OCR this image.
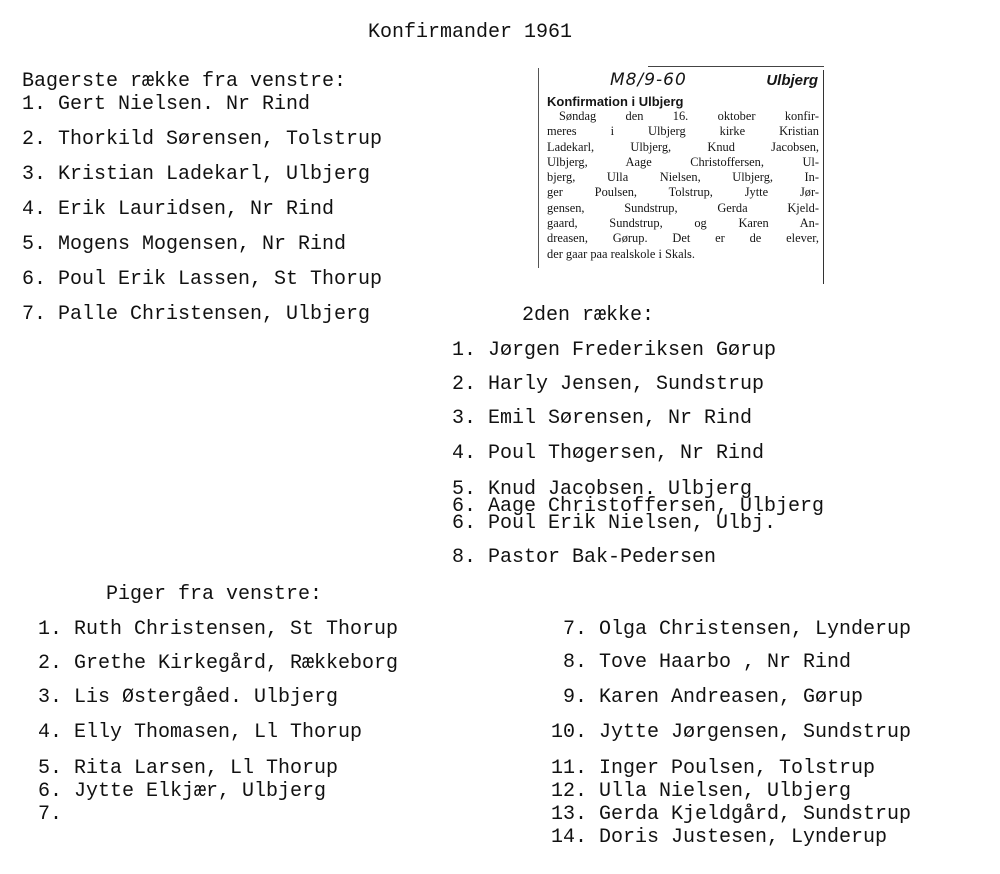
Konfirmander 1961
Bagerste række fra venstre:
1. Gert Nielsen. Nr Rind
2. Thorkild Sørensen, Tolstrup
3. Kristian Ladekarl, Ulbjerg
4. Erik Lauridsen, Nr Rind
5. Mogens Mogensen, Nr Rind
6. Poul Erik Lassen, St Thorup
7. Palle Christensen, Ulbjerg
M8/9-60	Ulbjerg
Konfirmation i Ulbjerg
Søndag den 16. oktober konfir-
meres i Ulbjerg kirke Kristian
Ladekarl, Ulbjerg, Knud Jacobsen,
Ulbjerg, Aage Christoffersen, Ul-
bjerg, Ulla Nielsen, Ulbjerg, In-
ger Poulsen, Tolstrup, Jytte Jør-
gensen, Sundstrup, Gerda Kjeld-
gaard, Sundstrup, og Karen An-
dreasen, Gørup. Det er de elever,
der gaar paa realskole i Skals.
2den række:
1. Jørgen Frederiksen Gørup
2. Harly Jensen, Sundstrup
3. Emil Sørensen, Nr Rind
4. Poul Thøgersen, Nr Rind
5. Knud Jacobsen. Ulbjerg
6. Aage Christoffersen, Ulbjerg
6. Poul Erik Nielsen, Ulbj.
8. Pastor Bak-Pedersen
Piger fra venstre:
1. Ruth Christensen, St Thorup
2. Grethe Kirkegård, Rækkeborg
3. Lis Østergåed. Ulbjerg
4. Elly Thomasen, Ll Thorup
5. Rita Larsen, Ll Thorup
6. Jytte Elkjær, Ulbjerg
7.
7. Olga Christensen, Lynderup
8. Tove Haarbo , Nr Rind
9. Karen Andreasen, Gørup
10. Jytte Jørgensen, Sundstrup
11. Inger Poulsen, Tolstrup
12. Ulla Nielsen, Ulbjerg
13. Gerda Kjeldgård, Sundstrup
14. Doris Justesen, Lynderup
